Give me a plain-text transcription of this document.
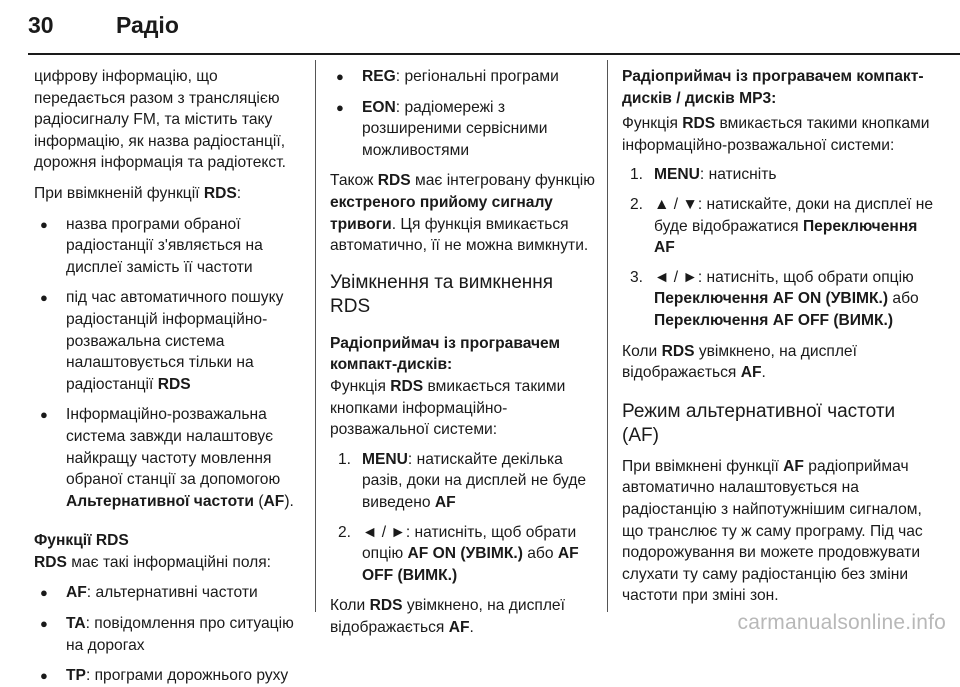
30	Радіо

цифрову інформацію, що передається разом з трансляцією радіосигналу FM, та містить таку інформацію, як назва радіостанції, дорожня інформація та радіотекст.

При ввімкненій функції RDS:

● назва програми обраної радіостанції з'являється на дисплеї замість її частоти
● під час автоматичного пошуку радіостанцій інформаційно-розважальна система налаштовується тільки на радіостанції RDS
● Інформаційно-розважальна система завжди налаштовує найкращу частоту мовлення обраної станції за допомогою Альтернативної частоти (AF).

Функції RDS

RDS має такі інформаційні поля:

● AF: альтернативні частоти
● TA: повідомлення про ситуацію на дорогах
● TP: програми дорожнього руху
● REG: регіональні програми
● EON: радіомережі з розширеними сервісними можливостями

Також RDS має інтегровану функцію екстреного прийому сигналу тривоги. Ця функція вмикається автоматично, її не можна вимкнути.

Увімкнення та вимкнення RDS

Радіоприймач із програвачем компакт-дисків:

Функція RDS вмикається такими кнопками інформаційно-розважальної системи:

1. MENU: натискайте декілька разів, доки на дисплей не буде виведено AF
2. ◄ / ►: натисніть, щоб обрати опцію AF ON (УВІМК.) або AF OFF (ВИМК.)

Коли RDS увімкнено, на дисплеї відображається AF.

Радіоприймач із програвачем компакт-дисків / дисків MP3:

Функція RDS вмикається такими кнопками інформаційно-розважальної системи:

1. MENU: натисніть
2. ▲ / ▼: натискайте, доки на дисплеї не буде відображатися Переключення AF
3. ◄ / ►: натисніть, щоб обрати опцію Переключення AF ON (УВІМК.) або Переключення AF OFF (ВИМК.)

Коли RDS увімкнено, на дисплеї відображається AF.

Режим альтернативної частоти (AF)

При ввімкнені функції AF радіоприймач автоматично налаштовується на радіостанцію з найпотужнішим сигналом, що транслює ту ж саму програму. Під час подорожування ви можете продовжувати слухати ту саму радіостанцію без зміни частоти при зміні зон.

carmanualsonline.info
